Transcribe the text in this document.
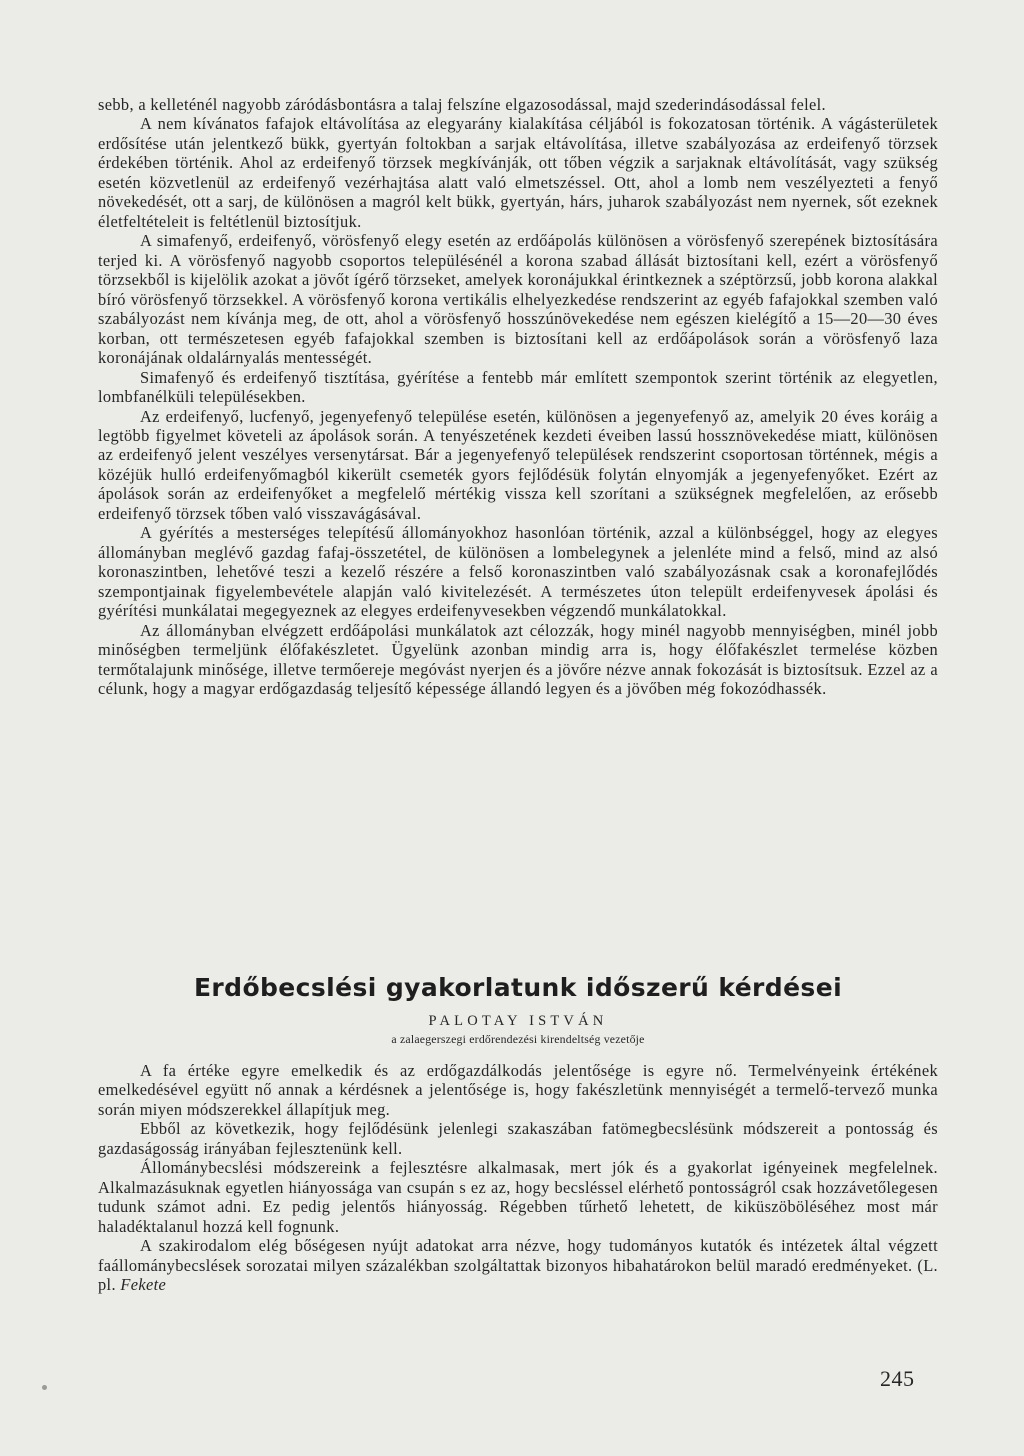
sebb, a kelleténél nagyobb záródásbontásra a talaj felszíne elgazosodással, majd szederindásodással felel.

A nem kívánatos fafajok eltávolítása az elegyarány kialakítása céljából is fokozatosan történik. A vágásterületek erdősítése után jelentkező bükk, gyertyán foltokban a sarjak eltávolítása, illetve szabályozása az erdeifenyő törzsek érdekében történik. Ahol az erdeifenyő törzsek megkívánják, ott tőben végzik a sarjaknak eltávolítását, vagy szükség esetén közvetlenül az erdeifenyő vezérhajtása alatt való elmetszéssel. Ott, ahol a lomb nem veszélyezteti a fenyő növekedését, ott a sarj, de különösen a magról kelt bükk, gyertyán, hárs, juharok szabályozást nem nyernek, sőt ezeknek életfeltételeit is feltétlenül biztosítjuk.

A simafenyő, erdeifenyő, vörösfenyő elegy esetén az erdőápolás különösen a vörösfenyő szerepének biztosítására terjed ki. A vörösfenyő nagyobb csoportos településénél a korona szabad állását biztosítani kell, ezért a vörösfenyő törzsekből is kijelölik azokat a jövőt ígérő törzseket, amelyek koronájukkal érintkeznek a széptörzsű, jobb korona alakkal bíró vörösfenyő törzsekkel. A vörösfenyő korona vertikális elhelyezkedése rendszerint az egyéb fafajokkal szemben való szabályozást nem kívánja meg, de ott, ahol a vörösfenyő hosszúnövekedése nem egészen kielégítő a 15—20—30 éves korban, ott természetesen egyéb fafajokkal szemben is biztosítani kell az erdőápolások során a vörösfenyő laza koronájának oldalárnyalás mentességét.

Simafenyő és erdeifenyő tisztítása, gyérítése a fentebb már említett szempontok szerint történik az elegyetlen, lombfanélküli településekben.

Az erdeifenyő, lucfenyő, jegenyefenyő települése esetén, különösen a jegenyefenyő az, amelyik 20 éves koráig a legtöbb figyelmet követeli az ápolások során. A tenyészetének kezdeti éveiben lassú hossznövekedése miatt, különösen az erdeifenyő jelent veszélyes versenytársat. Bár a jegenyefenyő települések rendszerint csoportosan történnek, mégis a közéjük hulló erdeifenyőmagból kikerült csemeték gyors fejlődésük folytán elnyomják a jegenyefenyőket. Ezért az ápolások során az erdeifenyőket a megfelelő mértékig vissza kell szorítani a szükségnek megfelelően, az erősebb erdeifenyő törzsek tőben való visszavágásával.

A gyérítés a mesterséges telepítésű állományokhoz hasonlóan történik, azzal a különbséggel, hogy az elegyes állományban meglévő gazdag fafaj-összetétel, de különösen a lombelegynek a jelenléte mind a felső, mind az alsó koronaszintben, lehetővé teszi a kezelő részére a felső koronaszintben való szabályozásnak csak a koronafejlődés szempontjainak figyelembevétele alapján való kivitelezését. A természetes úton települt erdeifenyvesek ápolási és gyérítési munkálatai megegyeznek az elegyes erdeifenyvesekben végzendő munkálatokkal.

Az állományban elvégzett erdőápolási munkálatok azt célozzák, hogy minél nagyobb mennyiségben, minél jobb minőségben termeljünk élőfakészletet. Ügyelünk azonban mindig arra is, hogy élőfakészlet termelése közben termőtalajunk minősége, illetve termőereje megóvást nyerjen és a jövőre nézve annak fokozását is biztosítsuk. Ezzel az a célunk, hogy a magyar erdőgazdaság teljesítő képessége állandó legyen és a jövőben még fokozódhassék.

Erdőbecslési gyakorlatunk időszerű kérdései
PALOTAY ISTVÁN
a zalaegerszegi erdőrendezési kirendeltség vezetője

A fa értéke egyre emelkedik és az erdőgazdálkodás jelentősége is egyre nő. Termelvényeink értékének emelkedésével együtt nő annak a kérdésnek a jelentősége is, hogy fakészletünk mennyiségét a termelő-tervező munka során miyen módszerekkel állapítjuk meg.

Ebből az következik, hogy fejlődésünk jelenlegi szakaszában fatömegbecslésünk módszereit a pontosság és gazdaságosság irányában fejlesztenünk kell.

Állománybecslési módszereink a fejlesztésre alkalmasak, mert jók és a gyakorlat igényeinek megfelelnek. Alkalmazásuknak egyetlen hiányossága van csupán s ez az, hogy becsléssel elérhető pontosságról csak hozzávetőlegesen tudunk számot adni. Ez pedig jelentős hiányosság. Régebben tűrhető lehetett, de kiküszöböléséhez most már haladéktalanul hozzá kell fognunk.

A szakirodalom elég bőségesen nyújt adatokat arra nézve, hogy tudományos kutatók és intézetek által végzett faállománybecslések sorozatai milyen százalékban szolgáltattak bizonyos hibahatárokon belül maradó eredményeket. (L. pl. Fekete

245
